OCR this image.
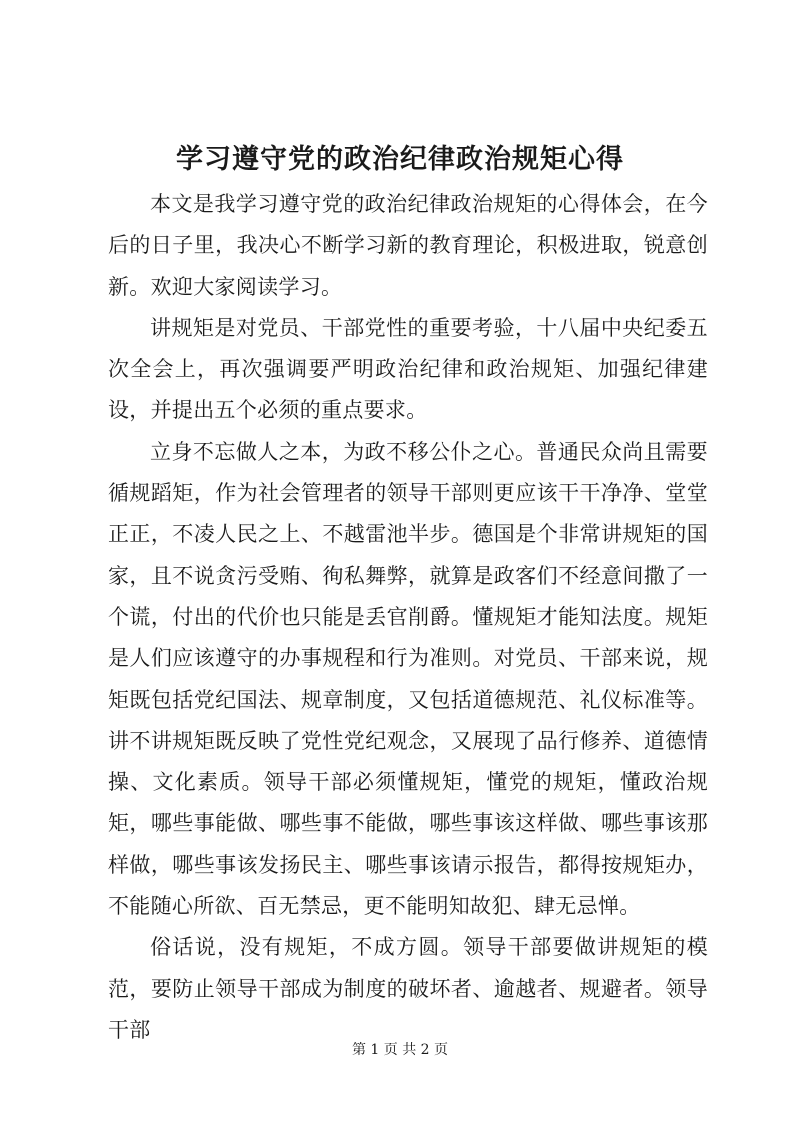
学习遵守党的政治纪律政治规矩心得

本文是我学习遵守党的政治纪律政治规矩的心得体会，在今后的日子里，我决心不断学习新的教育理论，积极进取，锐意创新。欢迎大家阅读学习。

讲规矩是对党员、干部党性的重要考验，十八届中央纪委五次全会上，再次强调要严明政治纪律和政治规矩、加强纪律建设，并提出五个必须的重点要求。

立身不忘做人之本，为政不移公仆之心。普通民众尚且需要循规蹈矩，作为社会管理者的领导干部则更应该干干净净、堂堂正正，不凌人民之上、不越雷池半步。德国是个非常讲规矩的国家，且不说贪污受贿、徇私舞弊，就算是政客们不经意间撒了一个谎，付出的代价也只能是丢官削爵。懂规矩才能知法度。规矩是人们应该遵守的办事规程和行为准则。对党员、干部来说，规矩既包括党纪国法、规章制度，又包括道德规范、礼仪标准等。讲不讲规矩既反映了党性党纪观念，又展现了品行修养、道德情操、文化素质。领导干部必须懂规矩，懂党的规矩，懂政治规矩，哪些事能做、哪些事不能做，哪些事该这样做、哪些事该那样做，哪些事该发扬民主、哪些事该请示报告，都得按规矩办，不能随心所欲、百无禁忌，更不能明知故犯、肆无忌惮。

俗话说，没有规矩，不成方圆。领导干部要做讲规矩的模范，要防止领导干部成为制度的破坏者、逾越者、规避者。领导干部

第 1 页 共 2 页
